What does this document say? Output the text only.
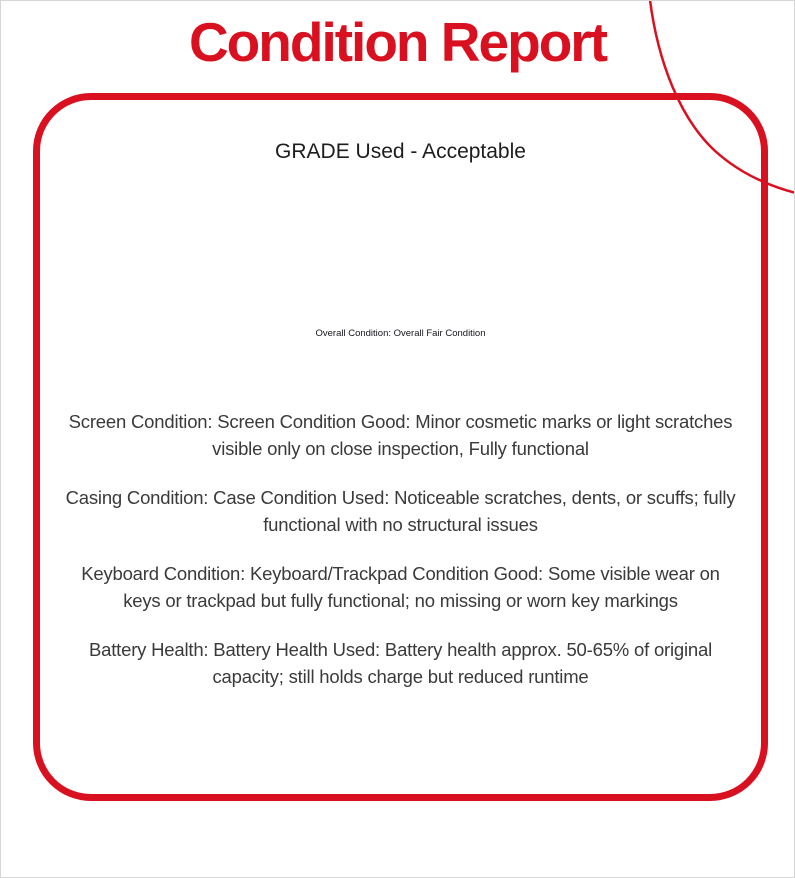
Condition Report
GRADE Used - Acceptable
Overall Condition: Overall Fair Condition

Screen Condition: Screen Condition Good: Minor cosmetic marks or light scratches visible only on close inspection, Fully functional

Casing Condition: Case Condition Used: Noticeable scratches, dents, or scuffs; fully functional with no structural issues

Keyboard Condition: Keyboard/Trackpad Condition Good: Some visible wear on keys or trackpad but fully functional; no missing or worn key markings

Battery Health: Battery Health Used: Battery health approx. 50-65% of original capacity; still holds charge but reduced runtime
